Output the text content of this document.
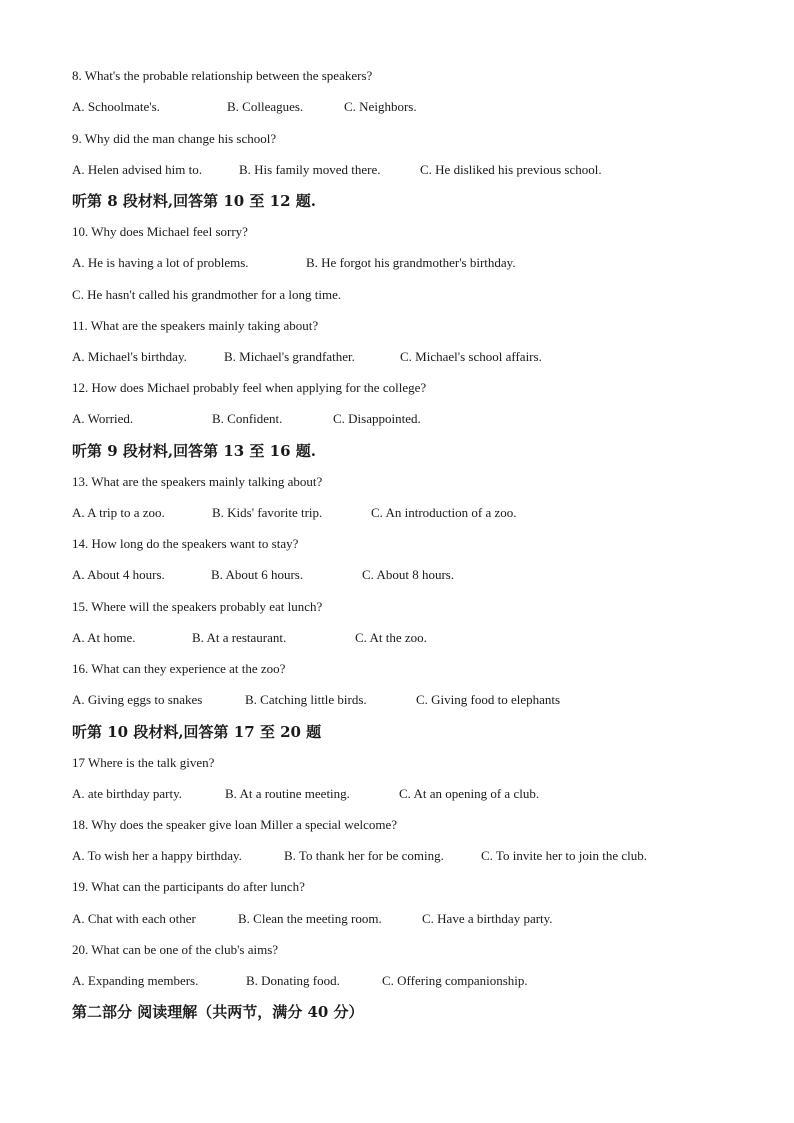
8. What's the probable relationship between the speakers?
A. Schoolmate's.	B. Colleagues.	C. Neighbors.
9. Why did the man change his school?
A. Helen advised him to.	B. His family moved there.	C. He disliked his previous school.
听第 8 段材料,回答第 10 至 12 题.
10. Why does Michael feel sorry?
A. He is having a lot of problems.	B. He forgot his grandmother's birthday.
C. He hasn't called his grandmother for a long time.
11. What are the speakers mainly taking about?
A. Michael's birthday.	B. Michael's grandfather.	C. Michael's school affairs.
12. How does Michael probably feel when applying for the college?
A. Worried.	B. Confident.	C. Disappointed.
听第 9 段材料,回答第 13 至 16 题.
13. What are the speakers mainly talking about?
A. A trip to a zoo.	B. Kids' favorite trip.	C. An introduction of a zoo.
14. How long do the speakers want to stay?
A. About 4 hours.	B. About 6 hours.	C. About 8 hours.
15. Where will the speakers probably eat lunch?
A. At home.	B. At a restaurant.	C. At the zoo.
16. What can they experience at the zoo?
A. Giving eggs to snakes	B. Catching little birds.	C. Giving food to elephants
听第 10 段材料,回答第 17 至 20 题
17 Where is the talk given?
A. ate birthday party.	B. At a routine meeting.	C. At an opening of a club.
18. Why does the speaker give loan Miller a special welcome?
A. To wish her a happy birthday.	B. To thank her for be coming.	C. To invite her to join the club.
19. What can the participants do after lunch?
A. Chat with each other	B. Clean the meeting room.	C. Have a birthday party.
20. What can be one of the club's aims?
A. Expanding members.	B. Donating food.	C. Offering companionship.
第二部分 阅读理解（共两节，满分 40 分）
